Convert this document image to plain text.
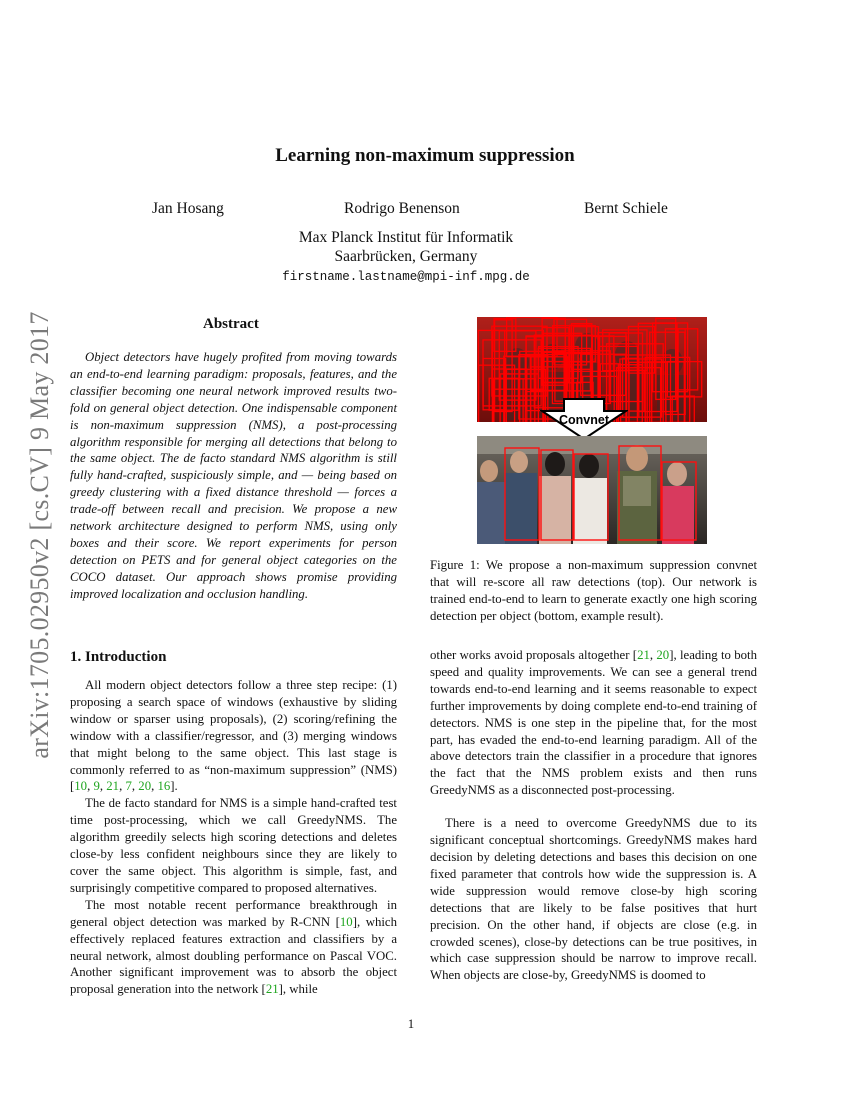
arXiv:1705.02950v2 [cs.CV] 9 May 2017
Learning non-maximum suppression
Jan Hosang	Rodrigo Benenson	Bernt Schiele
Max Planck Institut für Informatik
Saarbrücken, Germany
firstname.lastname@mpi-inf.mpg.de
Abstract

Object detectors have hugely profited from moving towards an end-to-end learning paradigm: proposals, features, and the classifier becoming one neural network improved results two-fold on general object detection. One indispensable component is non-maximum suppression (NMS), a post-processing algorithm responsible for merging all detections that belong to the same object. The de facto standard NMS algorithm is still fully hand-crafted, suspiciously simple, and — being based on greedy clustering with a fixed distance threshold — forces a trade-off between recall and precision. We propose a new network architecture designed to perform NMS, using only boxes and their score. We report experiments for person detection on PETS and for general object categories on the COCO dataset. Our approach shows promise providing improved localization and occlusion handling.

Convnet
Figure 1: We propose a non-maximum suppression convnet that will re-score all raw detections (top). Our network is trained end-to-end to learn to generate exactly one high scoring detection per object (bottom, example result).
1. Introduction

All modern object detectors follow a three step recipe: (1) proposing a search space of windows (exhaustive by sliding window or sparser using proposals), (2) scoring/refining the window with a classifier/regressor, and (3) merging windows that might belong to the same object. This last stage is commonly referred to as “non-maximum suppression” (NMS) [10, 9, 21, 7, 20, 16].

The de facto standard for NMS is a simple hand-crafted test time post-processing, which we call GreedyNMS. The algorithm greedily selects high scoring detections and deletes close-by less confident neighbours since they are likely to cover the same object. This algorithm is simple, fast, and surprisingly competitive compared to proposed alternatives.

The most notable recent performance breakthrough in general object detection was marked by R-CNN [10], which effectively replaced features extraction and classifiers by a neural network, almost doubling performance on Pascal VOC. Another significant improvement was to absorb the object proposal generation into the network [21], while

other works avoid proposals altogether [21, 20], leading to both speed and quality improvements. We can see a general trend towards end-to-end learning and it seems reasonable to expect further improvements by doing complete end-to-end training of detectors. NMS is one step in the pipeline that, for the most part, has evaded the end-to-end learning paradigm. All of the above detectors train the classifier in a procedure that ignores the fact that the NMS problem exists and then runs GreedyNMS as a disconnected post-processing.

There is a need to overcome GreedyNMS due to its significant conceptual shortcomings. GreedyNMS makes hard decision by deleting detections and bases this decision on one fixed parameter that controls how wide the suppression is. A wide suppression would remove close-by high scoring detections that are likely to be false positives that hurt precision. On the other hand, if objects are close (e.g. in crowded scenes), close-by detections can be true positives, in which case suppression should be narrow to improve recall. When objects are close-by, GreedyNMS is doomed to

1
